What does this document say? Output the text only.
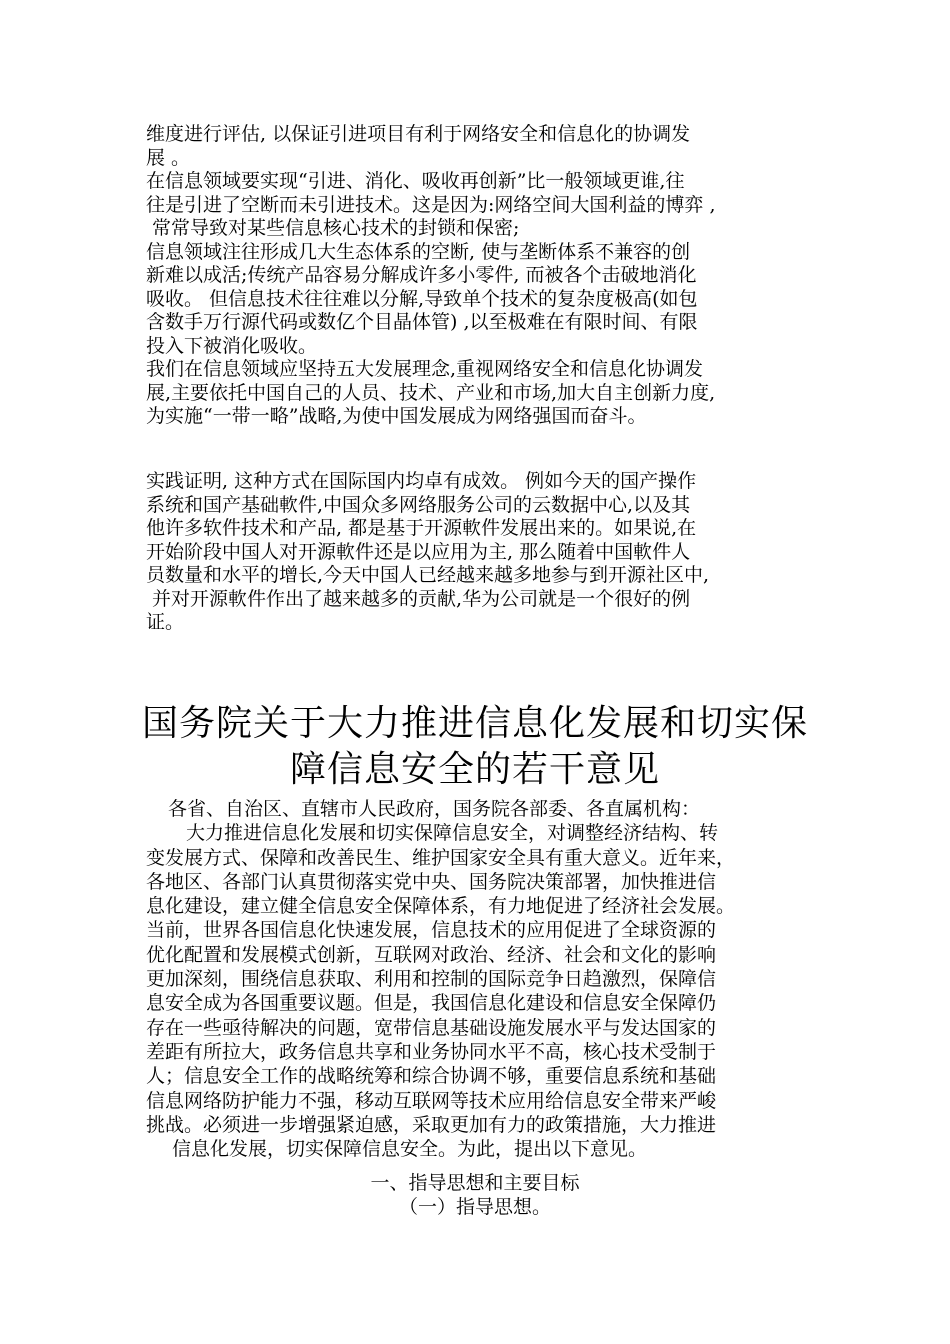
维度进行评估, 以保证引进项目有利于网络安全和信息化的协调发
展 。
在信息领域要实现“引进、消化、吸收再创新”比一般领域更谁,往
往是引进了空断而未引进技术。这是因为:网络空间大国利益的博弈 ,
常常导致对某些信息核心技术的封锁和保密;
信息领域注往形成几大生态体系的空断, 使与垄断体系不兼容的创
新难以成活;传统产品容易分解成许多小零件, 而被各个击破地消化
吸收。 但信息技术往往难以分解,导致单个技术的复杂度极高(如包
含数手万行源代码或数亿个目晶体管) ,以至极难在有限时间、有限
投入下被消化吸收。
我们在信息领域应坚持五大发展理念,重视网络安全和信息化协调发
展,主要依托中国自己的人员、技术、产业和市场,加大自主创新力度,
为实施“一带一略”战略,为使中国发展成为网络强国而奋斗。
实践证明, 这种方式在国际国内均卓有成效。 例如今天的国产操作
系统和国产基础軟件,中国众多网络服务公司的云数据中心,以及其
他许多软件技术和产品, 都是基于开源軟件发展出来的。如果说,在
开始阶段中国人对开源軟件还是以应用为主, 那么随着中国軟件人
员数量和水平的增长,今天中国人已经越来越多地参与到开源社区中,
并对开源軟件作出了越来越多的贡献,华为公司就是一个很好的例
证。
国务院关于大力推进信息化发展和切实保
障信息安全的若干意见
各省、自治区、直辖市人民政府，国务院各部委、各直属机构：
大力推进信息化发展和切实保障信息安全，对调整经济结构、转
变发展方式、保障和改善民生、维护国家安全具有重大意义。近年来，
各地区、各部门认真贯彻落实党中央、国务院决策部署，加快推进信
息化建设，建立健全信息安全保障体系，有力地促进了经济社会发展。
当前，世界各国信息化快速发展，信息技术的应用促进了全球资源的
优化配置和发展模式创新，互联网对政治、经济、社会和文化的影响
更加深刻，围绕信息获取、利用和控制的国际竞争日趋激烈，保障信
息安全成为各国重要议题。但是，我国信息化建设和信息安全保障仍
存在一些亟待解决的问题，宽带信息基础设施发展水平与发达国家的
差距有所拉大，政务信息共享和业务协同水平不高，核心技术受制于
人；信息安全工作的战略统筹和综合协调不够，重要信息系统和基础
信息网络防护能力不强，移动互联网等技术应用给信息安全带来严峻
挑战。必须进一步增强紧迫感，采取更加有力的政策措施，大力推进
信息化发展，切实保障信息安全。为此，提出以下意见。
一、指导思想和主要目标
（一）指导思想。
